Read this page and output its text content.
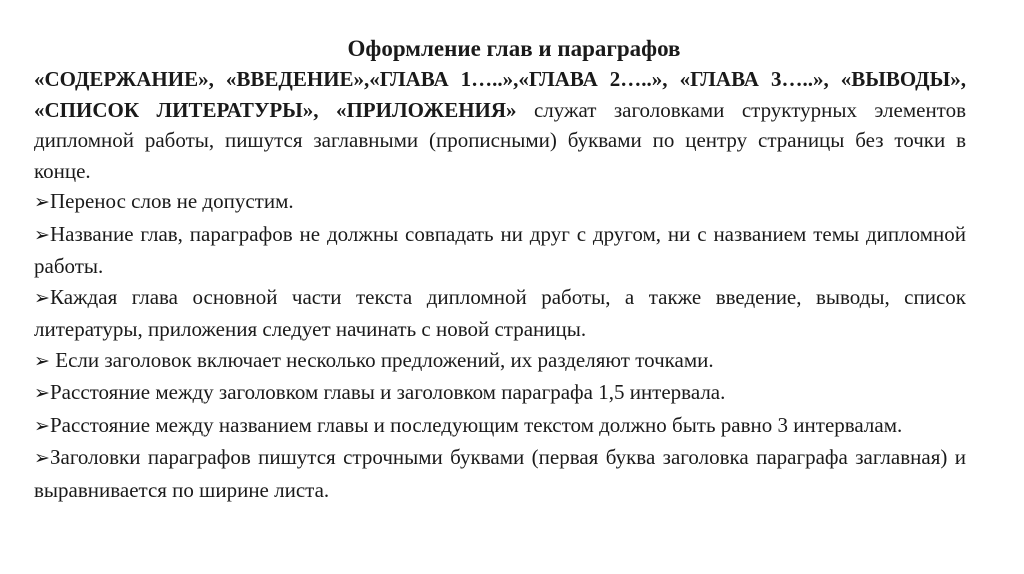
Оформление глав и параграфов

«СОДЕРЖАНИЕ», «ВВЕДЕНИЕ»,«ГЛАВА 1…..»,«ГЛАВА 2…..», «ГЛАВА 3…..», «ВЫВОДЫ», «СПИСОК ЛИТЕРАТУРЫ», «ПРИЛОЖЕНИЯ» служат заголовками структурных элементов дипломной работы, пишутся заглавными (прописными) буквами по центру страницы без точки в конце.

➢Перенос слов не допустим.

➢Название глав, параграфов не должны совпадать ни друг с другом, ни с названием темы дипломной работы.

➢Каждая глава основной части текста дипломной работы, а также введение, выводы, список литературы, приложения следует начинать с новой страницы.

➢ Если заголовок включает несколько предложений, их разделяют точками.

➢Расстояние между заголовком главы и заголовком параграфа 1,5 интервала.

➢Расстояние между названием главы и последующим текстом должно быть равно 3 интервалам.

➢Заголовки параграфов пишутся строчными буквами (первая буква заголовка параграфа заглавная) и выравнивается по ширине листа.
